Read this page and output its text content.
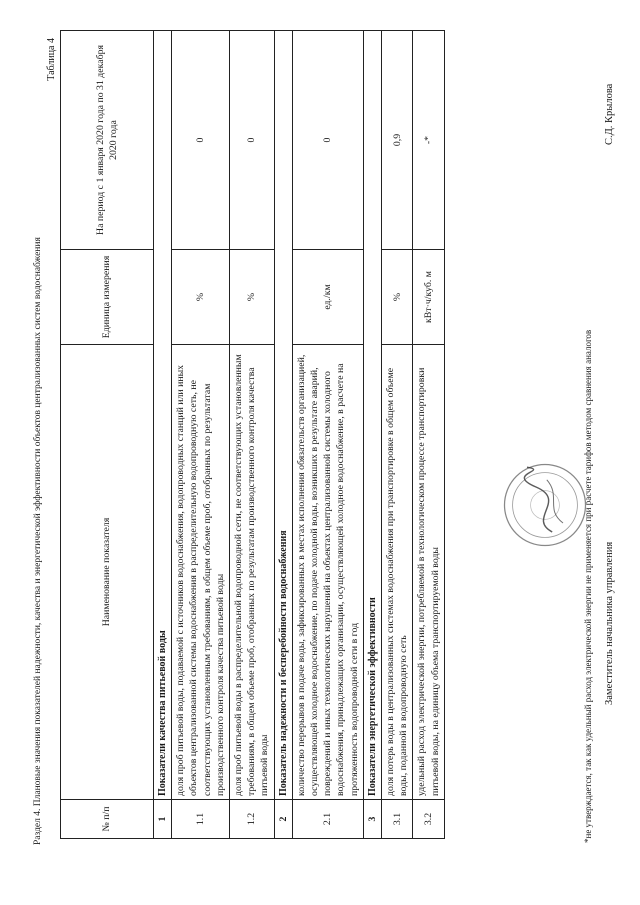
Раздел 4. Плановые значения показателей надежности, качества и энергетической эффективности объектов централизованных систем водоснабжения
Таблица 4
№ п/п	Наименование показателя	Единица измерения	На период с 1 января 2020 года по 31 декабря 2020 года
1	Показатели качества питьевой воды		
1.1	доля проб питьевой воды, подаваемой с источников водоснабжения, водопроводных станций или иных объектов централизованной системы водоснабжения в распределительную водопроводную сеть, не соответствующих установленным требованиям, в общем объеме проб, отобранных по результатам производственного контроля качества питьевой воды	%	0
1.2	доля проб питьевой воды в распределительной водопроводной сети, не соответствующих установленным требованиям, в общем объеме проб, отобранных по результатам производственного контроля качества питьевой воды	%	0
2	Показатель надежности и бесперебойности водоснабжения		
2.1	количество перерывов в подаче воды, зафиксированных в местах исполнения обязательств организацией, осуществляющей холодное водоснабжение, по подаче холодной воды, возникших в результате аварий, повреждений и иных технологических нарушений на объектах централизованной системы холодного водоснабжения, принадлежащих организации, осуществляющей холодное водоснабжение, в расчете на протяженность водопроводной сети в год	ед./км	0
3	Показатели энергетической эффективности		
3.1	доля потерь воды в централизованных системах водоснабжения при транспортировке в общем объеме воды, поданной в водопроводную сеть	%	0,9
3.2	удельный расход электрической энергии, потребляемой в технологическом процессе транспортировки питьевой воды, на единицу объема транспортируемой воды	кВт·ч/куб. м	-*
*не утверждается, так как удельный расход электрической энергии не применяется при расчете тарифов методом сравнения аналогов Заместитель начальника управления
С.Д. Крылова
